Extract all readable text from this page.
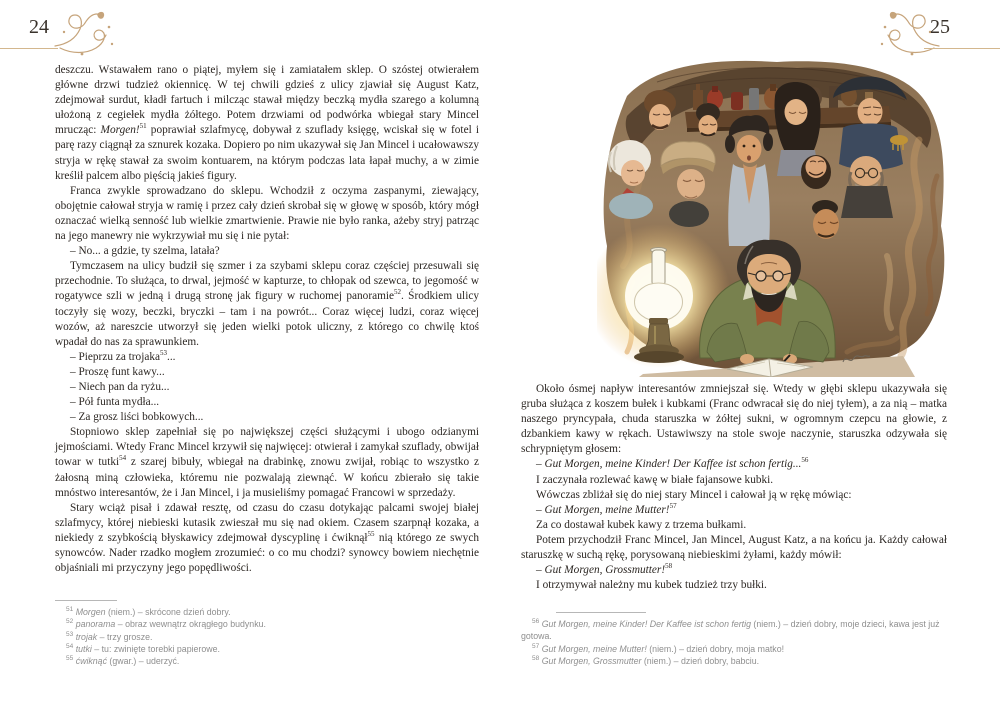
24	25

deszczu. Wstawałem rano o piątej, myłem się i zamiatałem sklep. O szóstej otwierałem główne drzwi tudzież okiennicę. W tej chwili gdzieś z ulicy zjawiał się August Katz, zdejmował surdut, kładł fartuch i milcząc stawał między beczką mydła szarego a kolumną ułożoną z cegiełek mydła żółtego. Potem drzwiami od podwórka wbiegał stary Mincel mrucząc: Morgen!$^{51}$ poprawiał szlafmycę, dobywał z szuflady księgę, wciskał się w fotel i parę razy ciągnął za sznurek kozaka. Dopiero po nim ukazywał się Jan Mincel i ucałowawszy stryja w rękę stawał za swoim kontuarem, na którym podczas lata łapał muchy, a w zimie kreślił palcem albo pięścią jakieś figury.

Franca zwykle sprowadzano do sklepu. Wchodził z oczyma zaspanymi, ziewający, obojętnie całował stryja w ramię i przez cały dzień skrobał się w głowę w sposób, który mógł oznaczać wielką senność lub wielkie zmartwienie. Prawie nie było ranka, ażeby stryj patrząc na jego manewry nie wykrzywiał mu się i nie pytał:

– No... a gdzie, ty szelma, latała?

Tymczasem na ulicy budził się szmer i za szybami sklepu coraz częściej przesuwali się przechodnie. To służąca, to drwal, jejmość w kapturze, to chłopak od szewca, to jegomość w rogatywce szli w jedną i drugą stronę jak figury w ruchomej panoramie$^{52}$. Środkiem ulicy toczyły się wozy, beczki, bryczki – tam i na powrót... Coraz więcej ludzi, coraz więcej wozów, aż nareszcie utworzył się jeden wielki potok uliczny, z którego co chwilę ktoś wpadał do nas za sprawunkiem.

– Pieprzu za trojaka$^{53}$...

– Proszę funt kawy...

– Niech pan da ryżu...

– Pół funta mydła...

– Za grosz liści bobkowych...

Stopniowo sklep zapełniał się po największej części służącymi i ubogo odzianymi jejmościami. Wtedy Franc Mincel krzywił się najwięcej: otwierał i zamykał szuflady, obwijał towar w tutki$^{54}$ z szarej bibuły, wbiegał na drabinkę, znowu zwijał, robiąc to wszystko z żałosną miną człowieka, któremu nie pozwalają ziewnąć. W końcu zbierało się takie mnóstwo interesantów, że i Jan Mincel, i ja musieliśmy pomagać Francowi w sprzedaży.

Stary wciąż pisał i zdawał resztę, od czasu do czasu dotykając palcami swojej białej szlafmycy, której niebieski kutasik zwieszał mu się nad okiem. Czasem szarpnął kozaka, a niekiedy z szybkością błyskawicy zdejmował dyscyplinę i ćwiknął$^{55}$ nią którego ze swych synowców. Nader rzadko mogłem zrozumieć: o co mu chodzi? synowcy bowiem niechętnie objaśniali mi przyczyny jego popędliwości.

$^{51}$ Morgen (niem.) – skrócone dzień dobry.

$^{52}$ panorama – obraz wewnątrz okrągłego budynku.

$^{53}$ trojak – trzy grosze.

$^{54}$ tutki – tu: zwinięte torebki papierowe.

$^{55}$ ćwiknąć (gwar.) – uderzyć.

Około ósmej napływ interesantów zmniejszał się. Wtedy w głębi sklepu ukazywała się gruba służąca z koszem bułek i kubkami (Franc odwracał się do niej tyłem), a za nią – matka naszego pryncypała, chuda staruszka w żółtej sukni, w ogromnym czepcu na głowie, z dzbankiem kawy w rękach. Ustawiwszy na stole swoje naczynie, staruszka odzywała się schrypniętym głosem:

– Gut Morgen, meine Kinder! Der Kaffee ist schon fertig...$^{56}$

I zaczynała rozlewać kawę w białe fajansowe kubki.

Wówczas zbliżał się do niej stary Mincel i całował ją w rękę mówiąc:

– Gut Morgen, meine Mutter!$^{57}$

Za co dostawał kubek kawy z trzema bułkami.

Potem przychodził Franc Mincel, Jan Mincel, August Katz, a na końcu ja. Każdy całował staruszkę w suchą rękę, porysowaną niebieskimi żyłami, każdy mówił:

– Gut Morgen, Grossmutter!$^{58}$

I otrzymywał należny mu kubek tudzież trzy bułki.

$^{56}$ Gut Morgen, meine Kinder! Der Kaffee ist schon fertig (niem.) – dzień dobry, moje dzieci, kawa jest już gotowa.

$^{57}$ Gut Morgen, meine Mutter! (niem.) – dzień dobry, moja matko!

$^{58}$ Gut Morgen, Grossmutter (niem.) – dzień dobry, babciu.
